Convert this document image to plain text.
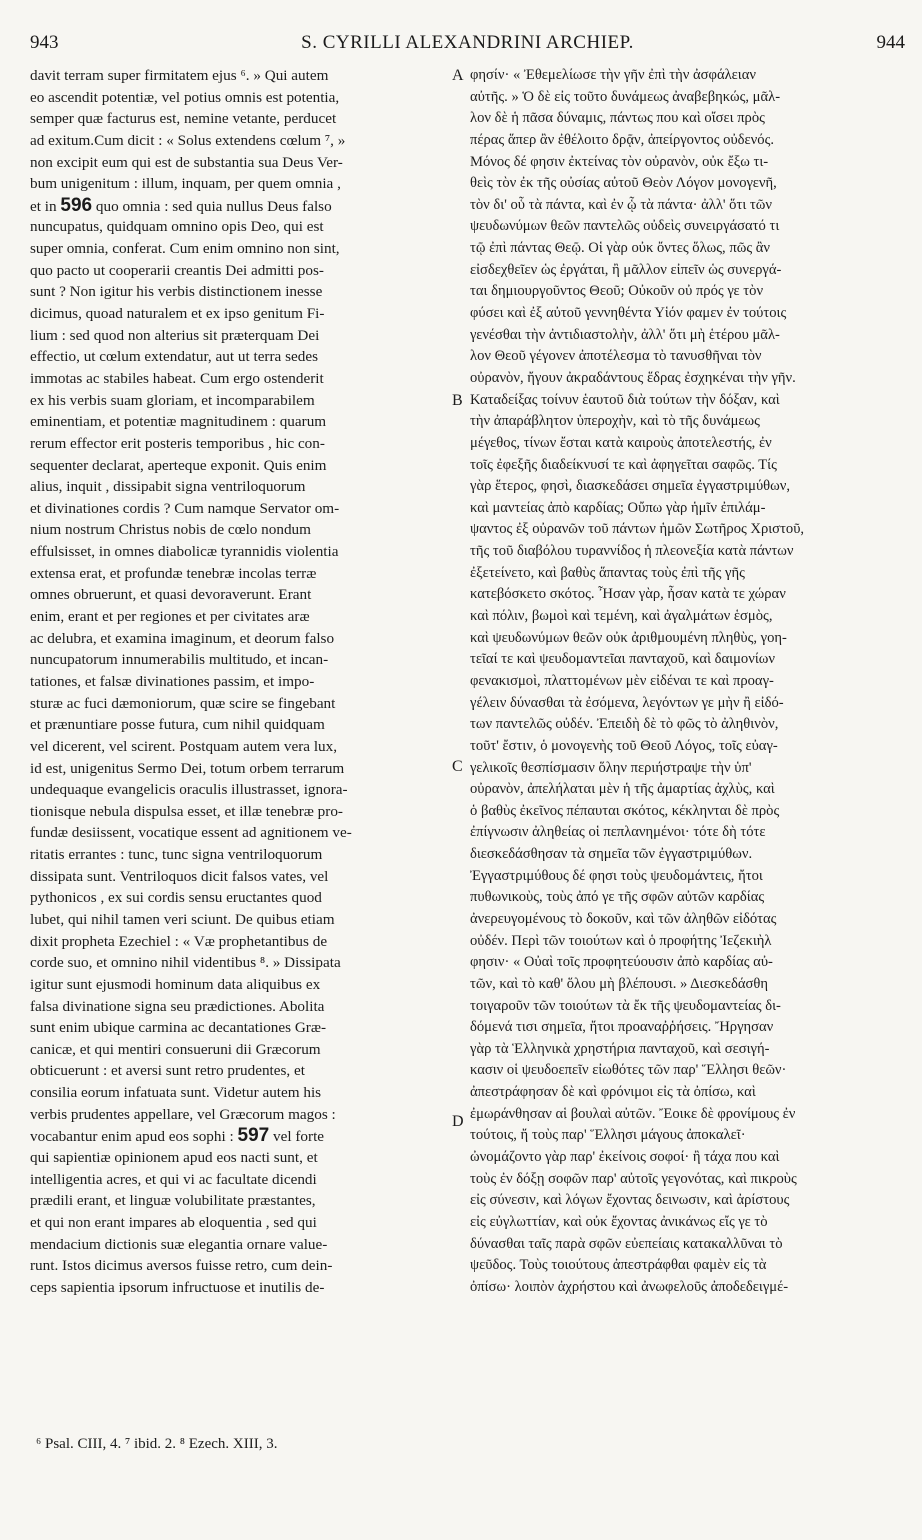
943	S. CYRILLI ALEXANDRINI ARCHIEP.	944
davit terram super firmitatem ejus ⁶. » Qui autem
eo ascendit potentiæ, vel potius omnis est potentia,
semper quæ facturus est, nemine vetante, perducet
ad exitum.Cum dicit : « Solus extendens cœlum ⁷, »
non excipit eum qui est de substantia sua Deus Ver-
bum unigenitum : illum, inquam, per quem omnia ,
et in 596 quo omnia : sed quia nullus Deus falso
nuncupatus, quidquam omnino opis Deo, qui est
super omnia, conferat. Cum enim omnino non sint,
quo pacto ut cooperarii creantis Dei admitti pos-
sunt ? Non igitur his verbis distinctionem inesse
dicimus, quoad naturalem et ex ipso genitum Fi-
lium : sed quod non alterius sit præterquam Dei
effectio, ut cœlum extendatur, aut ut terra sedes
immotas ac stabiles habeat. Cum ergo ostenderit
ex his verbis suam gloriam, et incomparabilem
eminentiam, et potentiæ magnitudinem : quarum
rerum effector erit posteris temporibus , hic con-
sequenter declarat, aperteque exponit. Quis enim
alius, inquit , dissipabit signa ventriloquorum
et divinationes cordis ? Cum namque Servator om-
nium nostrum Christus nobis de cœlo nondum
effulsisset, in omnes diabolicæ tyrannidis violentia
extensa erat, et profundæ tenebræ incolas terræ
omnes obruerunt, et quasi devoraverunt. Erant
enim, erant et per regiones et per civitates aræ
ac delubra, et examina imaginum, et deorum falso
nuncupatorum innumerabilis multitudo, et incan-
tationes, et falsæ divinationes passim, et impo-
sturæ ac fuci dæmoniorum, quæ scire se fingebant
et prænuntiare posse futura, cum nihil quidquam
vel dicerent, vel scirent. Postquam autem vera lux,
id est, unigenitus Sermo Dei, totum orbem terrarum
undequaque evangelicis oraculis illustrasset, ignora-
tionisque nebula dispulsa esset, et illæ tenebræ pro-
fundæ desiissent, vocatique essent ad agnitionem ve-
ritatis errantes : tunc, tunc signa ventriloquorum
dissipata sunt. Ventriloquos dicit falsos vates, vel
pythonicos , ex sui cordis sensu eructantes quod
lubet, qui nihil tamen veri sciunt. De quibus etiam
dixit propheta Ezechiel : « Væ prophetantibus de
corde suo, et omnino nihil videntibus ⁸. » Dissipata
igitur sunt ejusmodi hominum data aliquibus ex
falsa divinatione signa seu prædictiones. Abolita
sunt enim ubique carmina ac decantationes Græ-
canicæ, et qui mentiri consueruni dii Græcorum
obticuerunt : et aversi sunt retro prudentes, et
consilia eorum infatuata sunt. Videtur autem his
verbis prudentes appellare, vel Græcorum magos :
vocabantur enim apud eos sophi : 597 vel forte
qui sapientiæ opinionem apud eos nacti sunt, et
intelligentia acres, et qui vi ac facultate dicendi
prædili erant, et linguæ volubilitate præstantes,
et qui non erant impares ab eloquentia , sed qui
mendacium dictionis suæ elegantia ornare value-
runt. Istos dicimus aversos fuisse retro, cum dein-
ceps sapientia ipsorum infructuose et inutilis de-
φησίν· « Ἐθεμελίωσε τὴν γῆν ἐπὶ τὴν ἀσφάλειαν
αὐτῆς. » Ὁ δὲ εἰς τοῦτο δυνάμεως ἀναβεβηκώς, μᾶλ-
λον δὲ ἡ πᾶσα δύναμις, πάντως που καὶ οἴσει πρὸς
πέρας ἅπερ ἂν ἐθέλοιτο δρᾷν, ἀπείργοντος οὐδενός.
Μόνος δέ φησιν ἐκτείνας τὸν οὐρανὸν, οὐκ ἔξω τι-
θεὶς τὸν ἐκ τῆς οὐσίας αὐτοῦ Θεὸν Λόγον μονογενῆ,
τὸν δι' οὗ τὰ πάντα, καὶ ἐν ᾧ τὰ πάντα· ἀλλ' ὅτι τῶν
ψευδωνύμων θεῶν παντελῶς οὐδεὶς συνειργάσατό τι
τῷ ἐπὶ πάντας Θεῷ. Οἱ γὰρ οὐκ ὄντες ὅλως, πῶς ἂν
εἰσδεχθεῖεν ὡς ἐργάται, ἢ μᾶλλον εἰπεῖν ὡς συνεργά-
ται δημιουργοῦντος Θεοῦ; Οὐκοῦν οὐ πρός γε τὸν
φύσει καὶ ἐξ αὐτοῦ γεννηθέντα Υἱόν φαμεν ἐν τούτοις
γενέσθαι τὴν ἀντιδιαστολὴν, ἀλλ' ὅτι μὴ ἑτέρου μᾶλ-
λον Θεοῦ γέγονεν ἀποτέλεσμα τὸ τανυσθῆναι τὸν
οὐρανὸν, ἤγουν ἀκραδάντους ἕδρας ἐσχηκέναι τὴν γῆν.
Καταδείξας τοίνυν ἑαυτοῦ διὰ τούτων τὴν δόξαν, καὶ
τὴν ἀπαράβλητον ὑπεροχὴν, καὶ τὸ τῆς δυνάμεως
μέγεθος, τίνων ἔσται κατὰ καιροὺς ἀποτελεστής, ἐν
τοῖς ἐφεξῆς διαδείκνυσί τε καὶ ἀφηγεῖται σαφῶς. Τίς
γὰρ ἕτερος, φησὶ, διασκεδάσει σημεῖα ἐγγαστριμύθων,
καὶ μαντείας ἀπὸ καρδίας; Οὔπω γὰρ ἡμῖν ἐπιλάμ-
ψαντος ἐξ οὐρανῶν τοῦ πάντων ἡμῶν Σωτῆρος Χριστοῦ,
τῆς τοῦ διαβόλου τυραννίδος ἡ πλεονεξία κατὰ πάντων
ἐξετείνετο, καὶ βαθὺς ἅπαντας τοὺς ἐπὶ τῆς γῆς
κατεβόσκετο σκότος. Ἦσαν γὰρ, ἦσαν κατὰ τε χώραν
καὶ πόλιν, βωμοὶ καὶ τεμένη, καὶ ἀγαλμάτων ἑσμὸς,
καὶ ψευδωνύμων θεῶν οὐκ ἀριθμουμένη πληθὺς, γοη-
τεῖαί τε καὶ ψευδομαντεῖαι πανταχοῦ, καὶ δαιμονίων
φενακισμοὶ, πλαττομένων μὲν εἰδέναι τε καὶ προαγ-
γέλειν δύνασθαι τὰ ἐσόμενα, λεγόντων γε μὴν ἢ εἰδό-
των παντελῶς οὐδέν. Ἐπειδὴ δὲ τὸ φῶς τὸ ἀληθινὸν,
τοῦτ' ἔστιν, ὁ μονογενὴς τοῦ Θεοῦ Λόγος, τοῖς εὐαγ-
γελικοῖς θεσπίσμασιν ὅλην περιήστραψε τὴν ὑπ'
οὐρανὸν, ἀπελήλαται μὲν ἡ τῆς ἀμαρτίας ἀχλὺς, καὶ
ὁ βαθὺς ἐκεῖνος πέπαυται σκότος, κέκληνται δὲ πρὸς
ἐπίγνωσιν ἀληθείας οἱ πεπλανημένοι· τότε δὴ τότε
διεσκεδάσθησαν τὰ σημεῖα τῶν ἐγγαστριμύθων.
Ἐγγαστριμύθους δέ φησι τοὺς ψευδομάντεις, ἤτοι
πυθωνικοὺς, τοὺς ἀπό γε τῆς σφῶν αὐτῶν καρδίας
ἀνερευγομένους τὸ δοκοῦν, καὶ τῶν ἀληθῶν εἰδότας
οὐδέν. Περὶ τῶν τοιούτων καὶ ὁ προφήτης Ἰεζεκιὴλ
φησιν· « Οὐαὶ τοῖς προφητεύουσιν ἀπὸ καρδίας αὐ-
τῶν, καὶ τὸ καθ' ὅλου μὴ βλέπουσι. » Διεσκεδάσθη
τοιγαροῦν τῶν τοιούτων τὰ ἔκ τῆς ψευδομαντείας δι-
δόμενά τισι σημεῖα, ἤτοι προαναῤῥήσεις. Ἤργησαν
γὰρ τὰ Ἑλληνικὰ χρηστήρια πανταχοῦ, καὶ σεσιγή-
κασιν οἱ ψευδοεπεῖν εἰωθότες τῶν παρ' Ἕλλησι θεῶν·
ἀπεστράφησαν δὲ καὶ φρόνιμοι εἰς τὰ ὀπίσω, καὶ
ἐμωράνθησαν αἱ βουλαὶ αὐτῶν. Ἔοικε δὲ φρονίμους ἐν
τούτοις, ἤ τοὺς παρ' Ἕλλησι μάγους ἀποκαλεῖ·
ὠνομάζοντο γὰρ παρ' ἐκείνοις σοφοί· ἢ τάχα που καὶ
τοὺς ἐν δόξῃ σοφῶν παρ' αὐτοῖς γεγονότας, καὶ πικροὺς
εἰς σύνεσιν, καὶ λόγων ἔχοντας δεινωσιν, καὶ ἀρίστους
εἰς εὐγλωττίαν, καὶ οὐκ ἔχοντας ἀνικάνως εἴς γε τὸ
δύνασθαι ταῖς παρὰ σφῶν εὐεπείαις κατακαλλῦναι τὸ
ψεῦδος. Τοὺς τοιούτους ἀπεστράφθαι φαμὲν εἰς τὰ
ὀπίσω· λοιπὸν ἀχρήστου καὶ ἀνωφελοῦς ἀποδεδειγμέ-
A
B
C
D
⁶ Psal. CIII, 4. ⁷ ibid. 2. ⁸ Ezech. XIII, 3.
